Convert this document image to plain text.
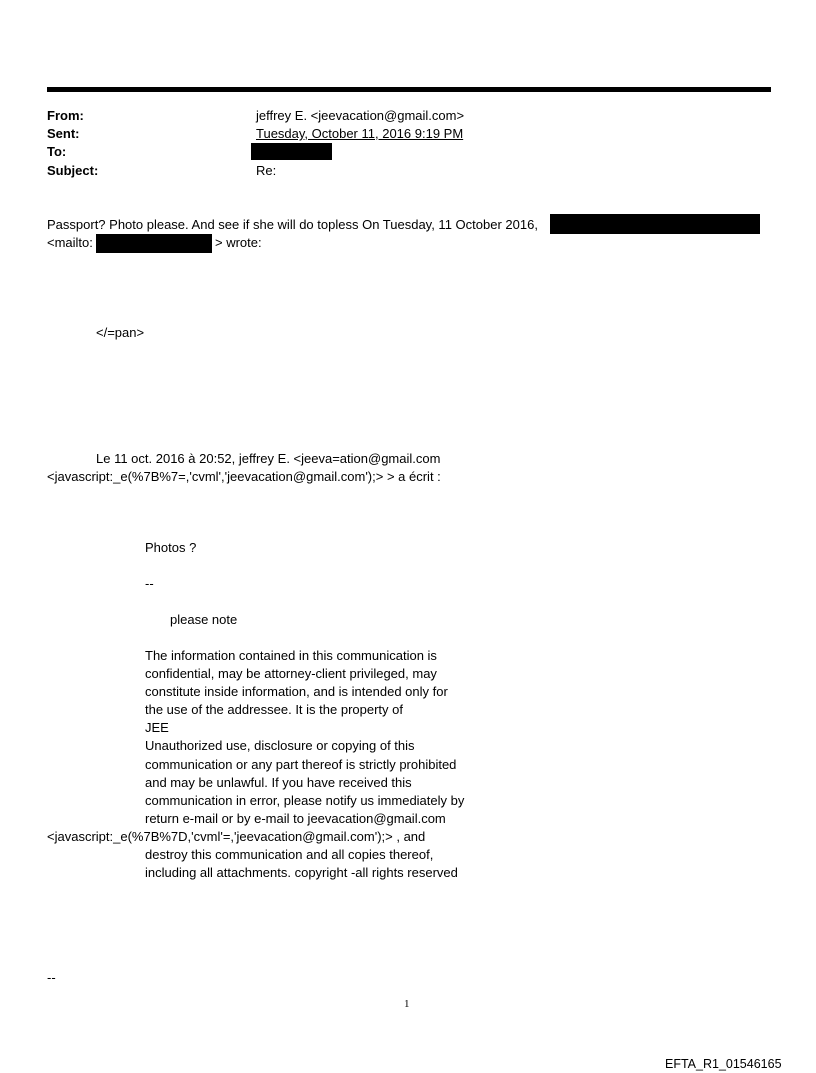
From:	jeffrey E. <jeevacation@gmail.com>
Sent:	Tuesday, October 11, 2016 9:19 PM
To:
Subject:	Re:
Passport? Photo please. And see if she will do topless On Tuesday, 11 October 2016,
<mailto:	> wrote:
</=pan>
Le 11 oct. 2016 à 20:52, jeffrey E. <jeeva=ation@gmail.com
<javascript:_e(%7B%7=,'cvml','jeevacation@gmail.com');> > a écrit :
Photos ?
--
please note
The information contained in this communication is
confidential, may be attorney-client privileged, may
constitute inside information, and is intended only for
the use of the addressee. It is the property of
JEE
Unauthorized use, disclosure or copying of this
communication or any part thereof is strictly prohibited
and may be unlawful. If you have received this
communication in error, please notify us immediately by
return e-mail or by e-mail to jeevacation@gmail.com
<javascript:_e(%7B%7D,'cvml'=,'jeevacation@gmail.com');> , and
destroy this communication and all copies thereof,
including all attachments. copyright -all rights reserved
--
1
EFTA_R1_01546165
